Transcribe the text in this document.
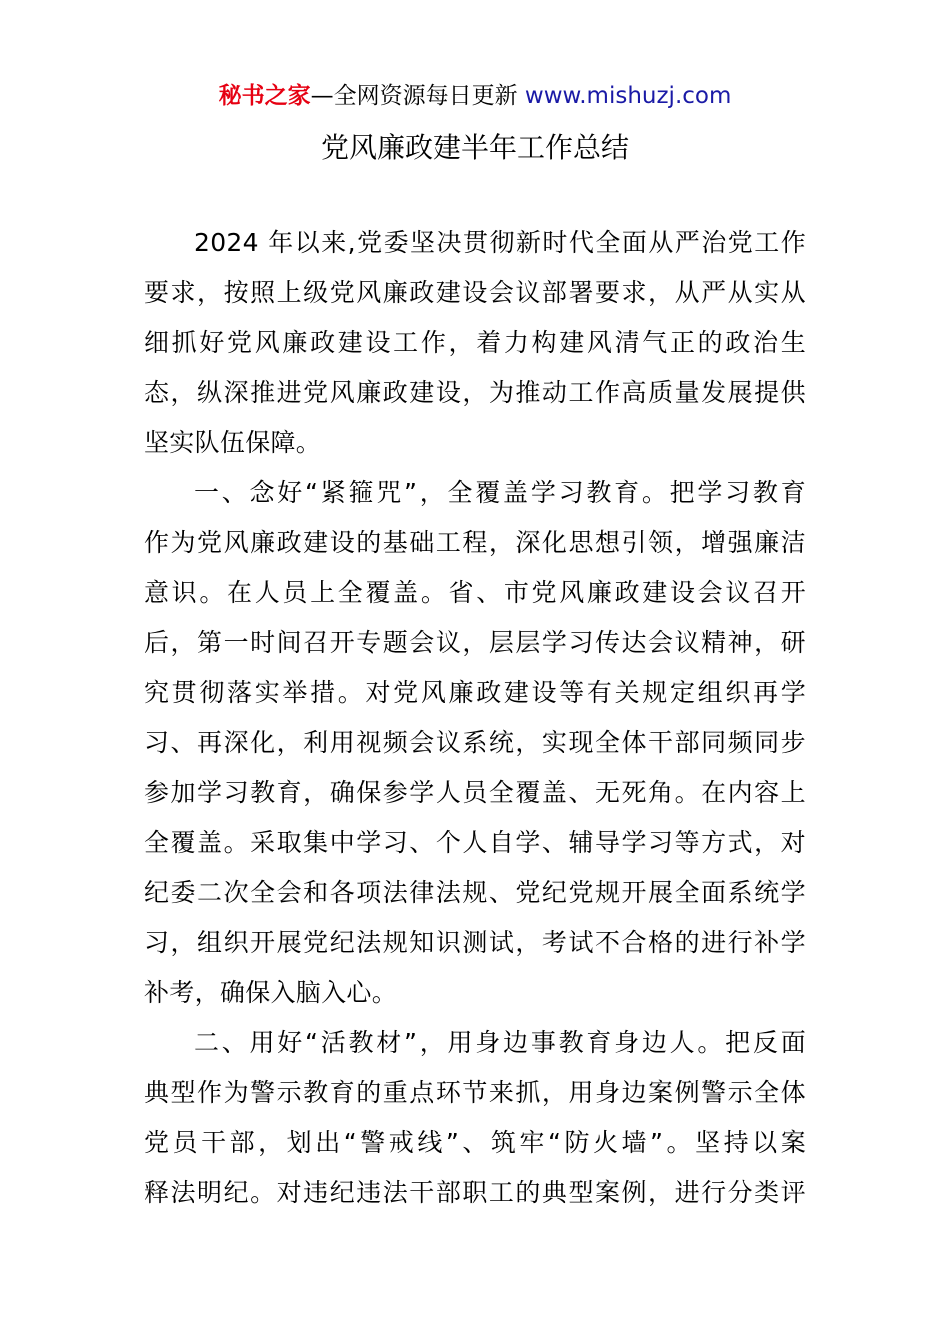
秘书之家—全网资源每日更新 www.mishuzj.com
党风廉政建半年工作总结
2024 年以来,党委坚决贯彻新时代全面从严治党工作
要求，按照上级党风廉政建设会议部署要求，从严从实从
细抓好党风廉政建设工作，着力构建风清气正的政治生
态，纵深推进党风廉政建设，为推动工作高质量发展提供
坚实队伍保障。
一、念好“紧箍咒”，全覆盖学习教育。把学习教育
作为党风廉政建设的基础工程，深化思想引领，增强廉洁
意识。在人员上全覆盖。省、市党风廉政建设会议召开
后，第一时间召开专题会议，层层学习传达会议精神，研
究贯彻落实举措。对党风廉政建设等有关规定组织再学
习、再深化，利用视频会议系统，实现全体干部同频同步
参加学习教育，确保参学人员全覆盖、无死角。在内容上
全覆盖。采取集中学习、个人自学、辅导学习等方式，对
纪委二次全会和各项法律法规、党纪党规开展全面系统学
习，组织开展党纪法规知识测试，考试不合格的进行补学
补考，确保入脑入心。
二、用好“活教材”，用身边事教育身边人。把反面
典型作为警示教育的重点环节来抓，用身边案例警示全体
党员干部，划出“警戒线”、筑牢“防火墙”。坚持以案
释法明纪。对违纪违法干部职工的典型案例，进行分类评
